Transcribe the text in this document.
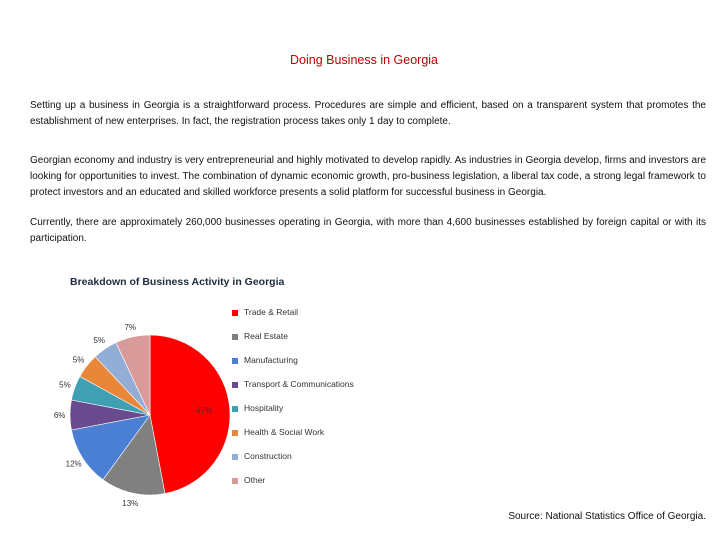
Doing Business in Georgia
Setting up a business in Georgia is a straightforward process. Procedures are simple and efficient, based on a transparent system that promotes the establishment of new enterprises. In fact, the registration process takes only 1 day to complete.
Georgian economy and industry is very entrepreneurial and highly motivated to develop rapidly. As industries in Georgia develop, firms and investors are looking for opportunities to invest. The combination of dynamic economic growth, pro-business legislation, a liberal tax code, a strong legal framework to protect investors and an educated and skilled workforce presents a solid platform for successful business in Georgia.
Currently, there are approximately 260,000 businesses operating in Georgia, with more than 4,600 businesses established by foreign capital or with its participation.
47%
13%
12%
6%
5%
5%
5%
7%
Breakdown of Business Activity in Georgia
Trade & Retail
Real Estate
Manufacturing
Transport & Communications
Hospitality
Health & Social Work
Construction
Other
Source: National Statistics Office of Georgia.
